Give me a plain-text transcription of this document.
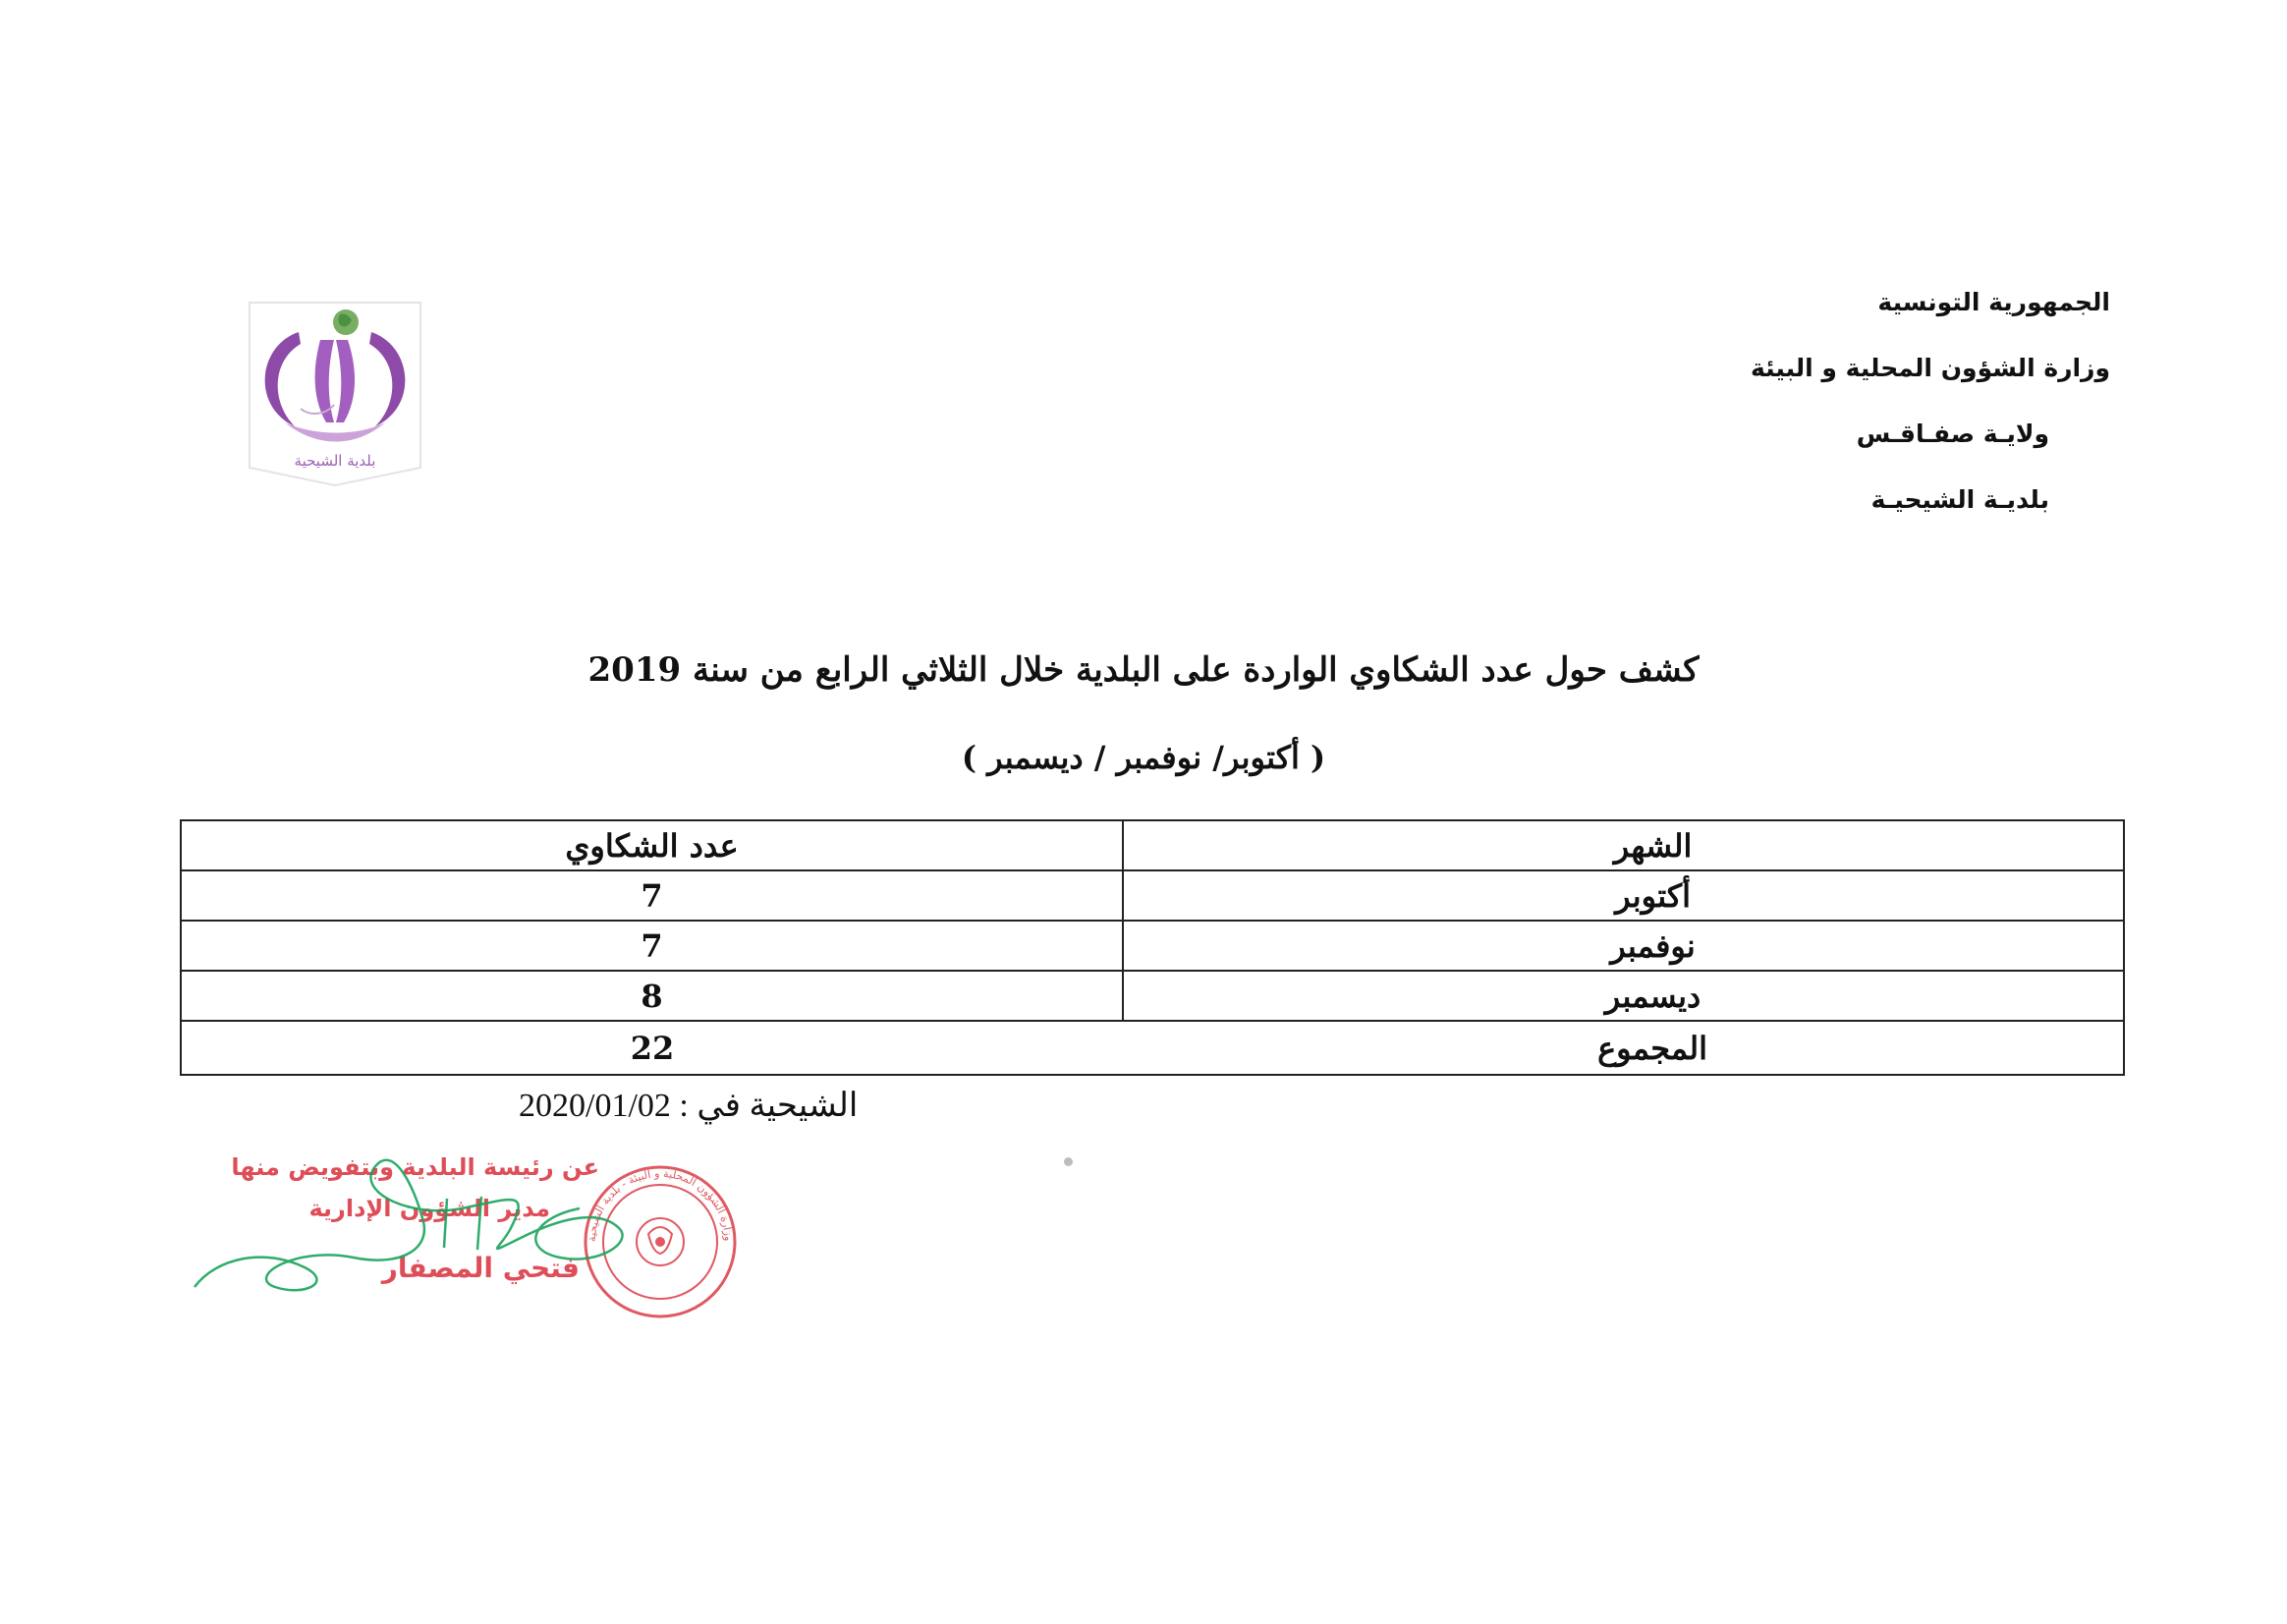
الجمهورية التونسية
وزارة الشؤون المحلية و البيئة
ولايـة صفـاقـس
بلديـة الشيحيـة
بلدية الشيحية
كشف حول عدد الشكاوي الواردة على البلدية خلال الثلاثي الرابع من سنة 2019
( أكتوبر/ نوفمبر / ديسمبر )
الشهر	عدد الشكاوي
أكتوبر	7
نوفمبر	7
ديسمبر	8
المجموع	22
الشيحية في : 2020/01/02
عن رئيسة البلدية وبتفويض منها
مدير الشؤون الإدارية
فتحي المصفار
وزارة الشؤون المحلية و البيئة - بلدية الشيحية
